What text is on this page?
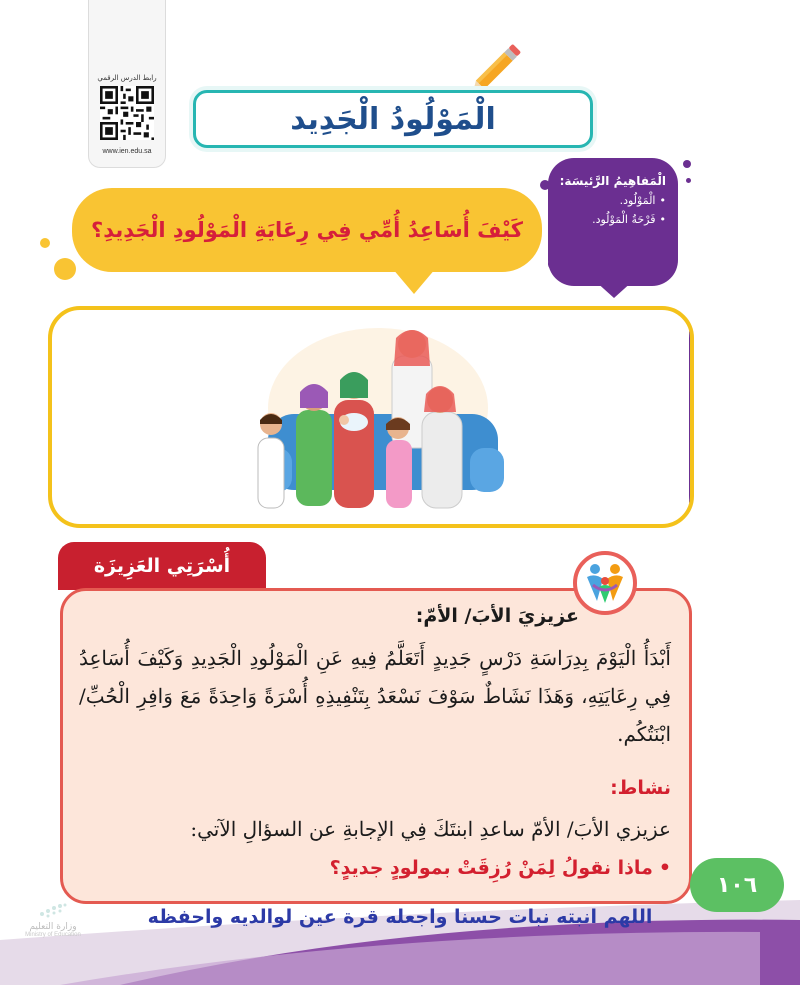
رابط الدرس الرقمي
www.ien.edu.sa
الْمَوْلُودُ الْجَدِيد
الْمَفاهِيمُ الرَّئيسَة:
• الْمَوْلُود.
• فَرْحَةُ الْمَوْلُود.
كَيْفَ أُسَاعِدُ أُمِّي فِي رِعَايَةِ الْمَوْلُودِ الْجَدِيدِ؟
أُسْرَتِي العَزِيزَة
عزيزيَ الأبَ/ الأمّ:
أَبْدَأُ الْيَوْمَ بِدِرَاسَةِ دَرْسٍ جَدِيدٍ أَتَعَلَّمُ فِيهِ عَنِ الْمَوْلُودِ الْجَدِيدِ وَكَيْفَ أُسَاعِدُ فِي رِعَايَتِهِ، وَهَذَا نَشَاطٌ سَوْفَ نَسْعَدُ بِتَنْفِيذِهِ أُسْرَةً وَاحِدَةً مَعَ وَافِرِ الْحُبِّ/ ابْنَتُكُم.
نشاط:
عزيزي الأبَ/ الأمّ ساعدِ ابنتَكَ فِي الإجابةِ عن السؤالِ الآتي:
•ماذا نقولُ لِمَنْ رُزِقَتْ بمولودٍ جديدٍ؟
١٠٦
اللهم انبته نبات حسنا واجعله قرة عين لوالديه واحفظه
وزارة التعليم
Ministry of Education
